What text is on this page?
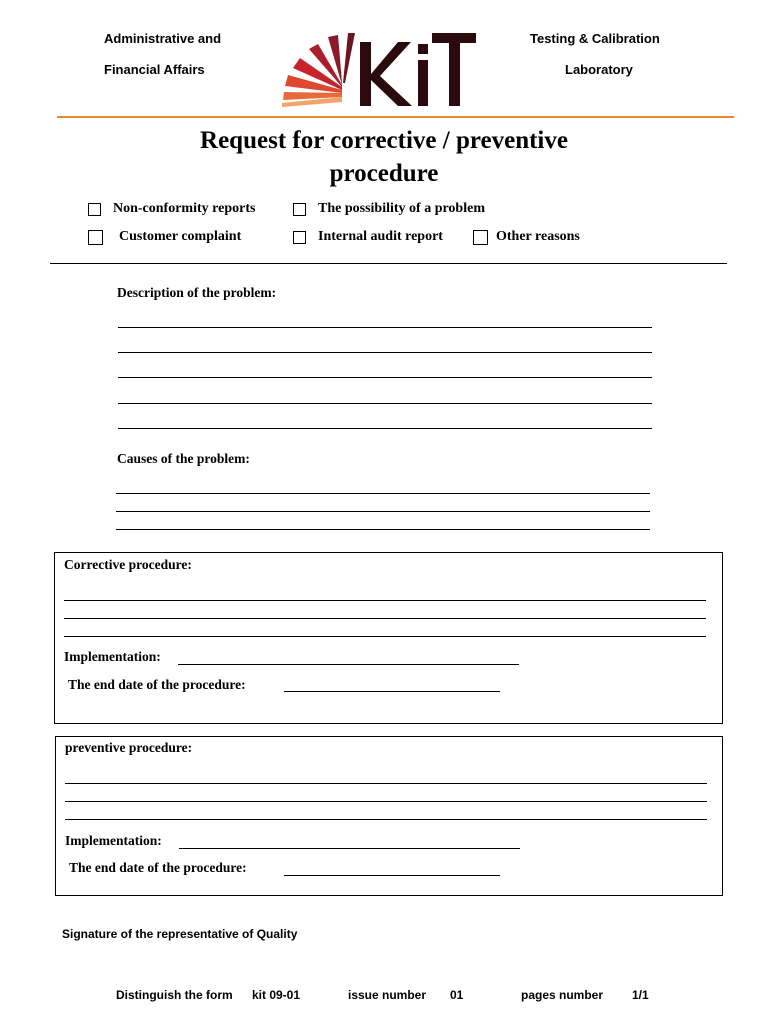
Administrative and
Financial Affairs
Testing & Calibration
Laboratory
Request for corrective / preventive
procedure
Non-conformity reports	The possibility of a problem
Customer complaint	Internal audit report	Other reasons
Description of the problem:
Causes of the problem:
Corrective procedure:
Implementation:
The end date of the procedure:
preventive procedure:
Implementation:
The end date of the procedure:
Signature of the representative of Quality
Distinguish the form kit 09-01	issue number 01	pages number 1/1
